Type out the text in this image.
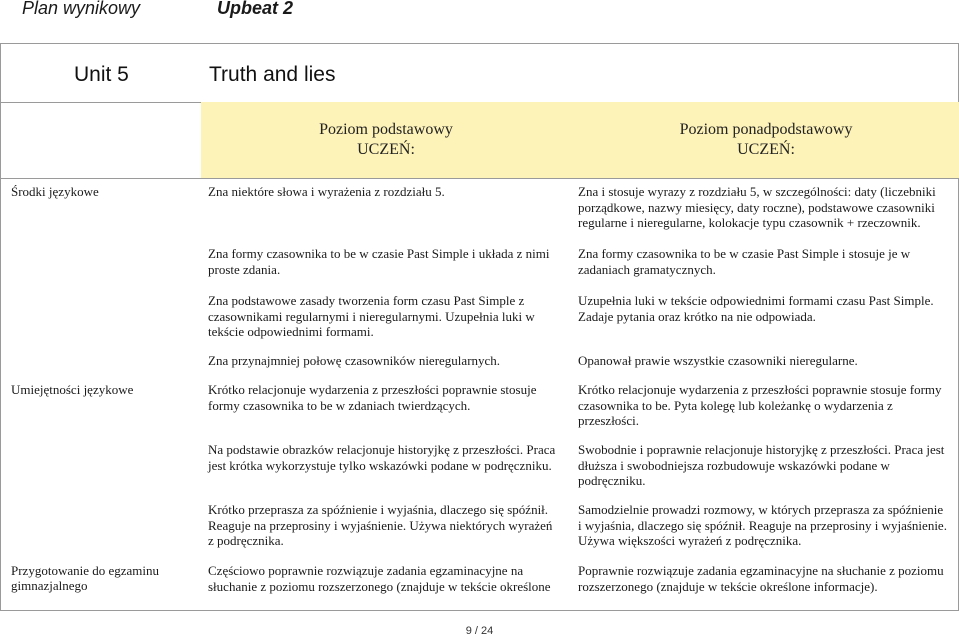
Plan wynikowy	Upbeat 2
Unit 5	Truth and lies
Poziom podstawowy
UCZEŃ:
Poziom ponadpodstawowy
UCZEŃ:
Środki językowe
Umiejętności językowe
Przygotowanie do egzaminu gimnazjalnego
Zna niektóre słowa i wyrażenia z rozdziału 5.
Zna formy czasownika to be w czasie Past Simple i układa z nimi proste zdania.
Zna podstawowe zasady tworzenia form czasu Past Simple z czasownikami regularnymi i nieregularnymi. Uzupełnia luki w tekście odpowiednimi formami.
Zna przynajmniej połowę czasowników nieregularnych.
Krótko relacjonuje wydarzenia z przeszłości poprawnie stosuje formy czasownika to be w zdaniach twierdzących.
Na podstawie obrazków relacjonuje historyjkę z przeszłości. Praca jest krótka wykorzystuje tylko wskazówki podane w podręczniku.
Krótko przeprasza za spóźnienie i wyjaśnia, dlaczego się spóźnił. Reaguje na przeprosiny i wyjaśnienie. Używa niektórych wyrażeń z podręcznika.
Częściowo poprawnie rozwiązuje zadania egzaminacyjne na słuchanie z poziomu rozszerzonego (znajduje w tekście określone
Zna i stosuje wyrazy z rozdziału 5, w szczególności: daty (liczebniki porządkowe, nazwy miesięcy, daty roczne), podstawowe czasowniki regularne i nieregularne, kolokacje typu czasownik + rzeczownik.
Zna formy czasownika to be w czasie Past Simple i stosuje je w zadaniach gramatycznych.
Uzupełnia luki w tekście odpowiednimi formami czasu Past Simple. Zadaje pytania oraz krótko na nie odpowiada.
Opanował prawie wszystkie czasowniki nieregularne.
Krótko relacjonuje wydarzenia z przeszłości poprawnie stosuje formy czasownika to be. Pyta kolegę lub koleżankę o wydarzenia z przeszłości.
Swobodnie i poprawnie relacjonuje historyjkę z przeszłości. Praca jest dłuższa i swobodniejsza rozbudowuje wskazówki podane w podręczniku.
Samodzielnie prowadzi rozmowy, w których przeprasza za spóźnienie i wyjaśnia, dlaczego się spóźnił. Reaguje na przeprosiny i wyjaśnienie. Używa większości wyrażeń z podręcznika.
Poprawnie rozwiązuje zadania egzaminacyjne na słuchanie z poziomu rozszerzonego (znajduje w tekście określone informacje).
9 / 24
